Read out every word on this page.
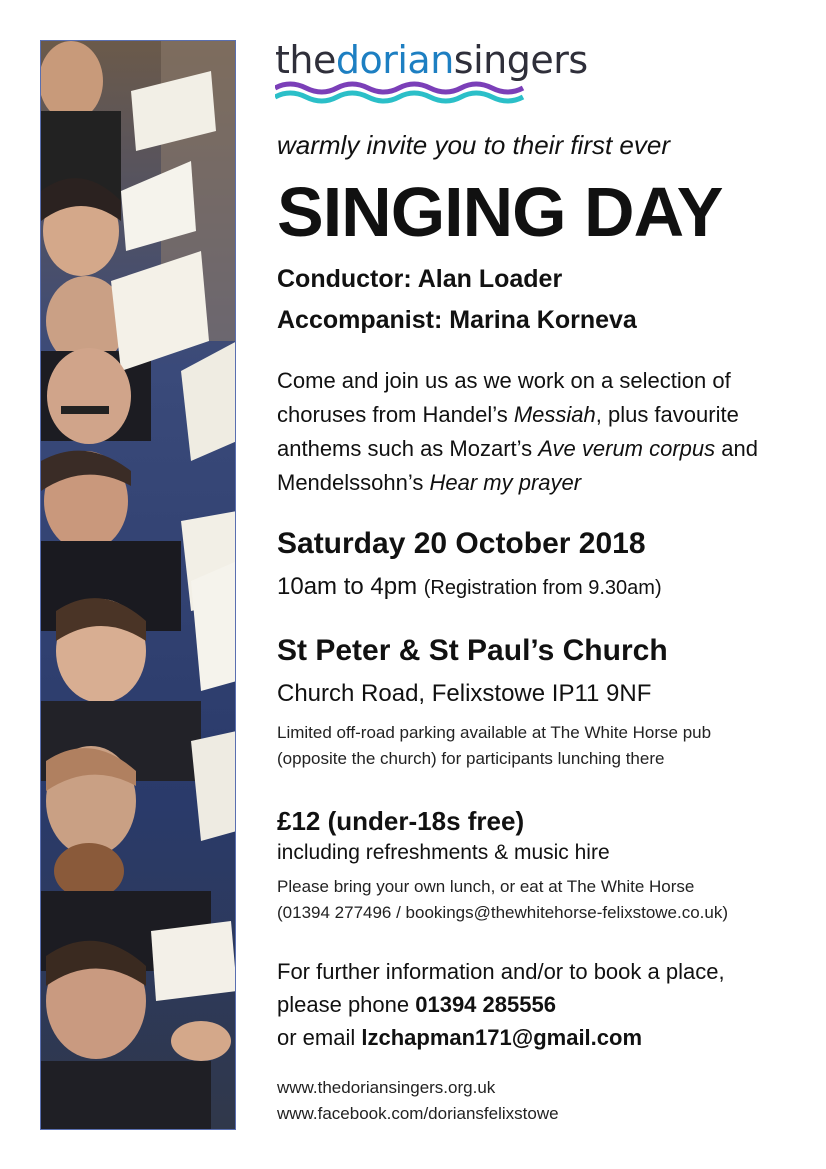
thedoriansingers
warmly invite you to their first ever
SINGING DAY
Conductor: Alan Loader
Accompanist: Marina Korneva
Come and join us as we work on a selection of
choruses from Handel’s Messiah, plus favourite
anthems such as Mozart’s Ave verum corpus and
Mendelssohn’s Hear my prayer
Saturday 20 October 2018
10am to 4pm (Registration from 9.30am)
St Peter & St Paul’s Church
Church Road, Felixstowe IP11 9NF
Limited off-road parking available at The White Horse pub
(opposite the church) for participants lunching there
£12 (under-18s free)
including refreshments & music hire
Please bring your own lunch, or eat at The White Horse
(01394 277496 / bookings@thewhitehorse-felixstowe.co.uk)
For further information and/or to book a place,
please phone 01394 285556
or email lzchapman171@gmail.com
www.thedoriansingers.org.uk
www.facebook.com/doriansfelixstowe
